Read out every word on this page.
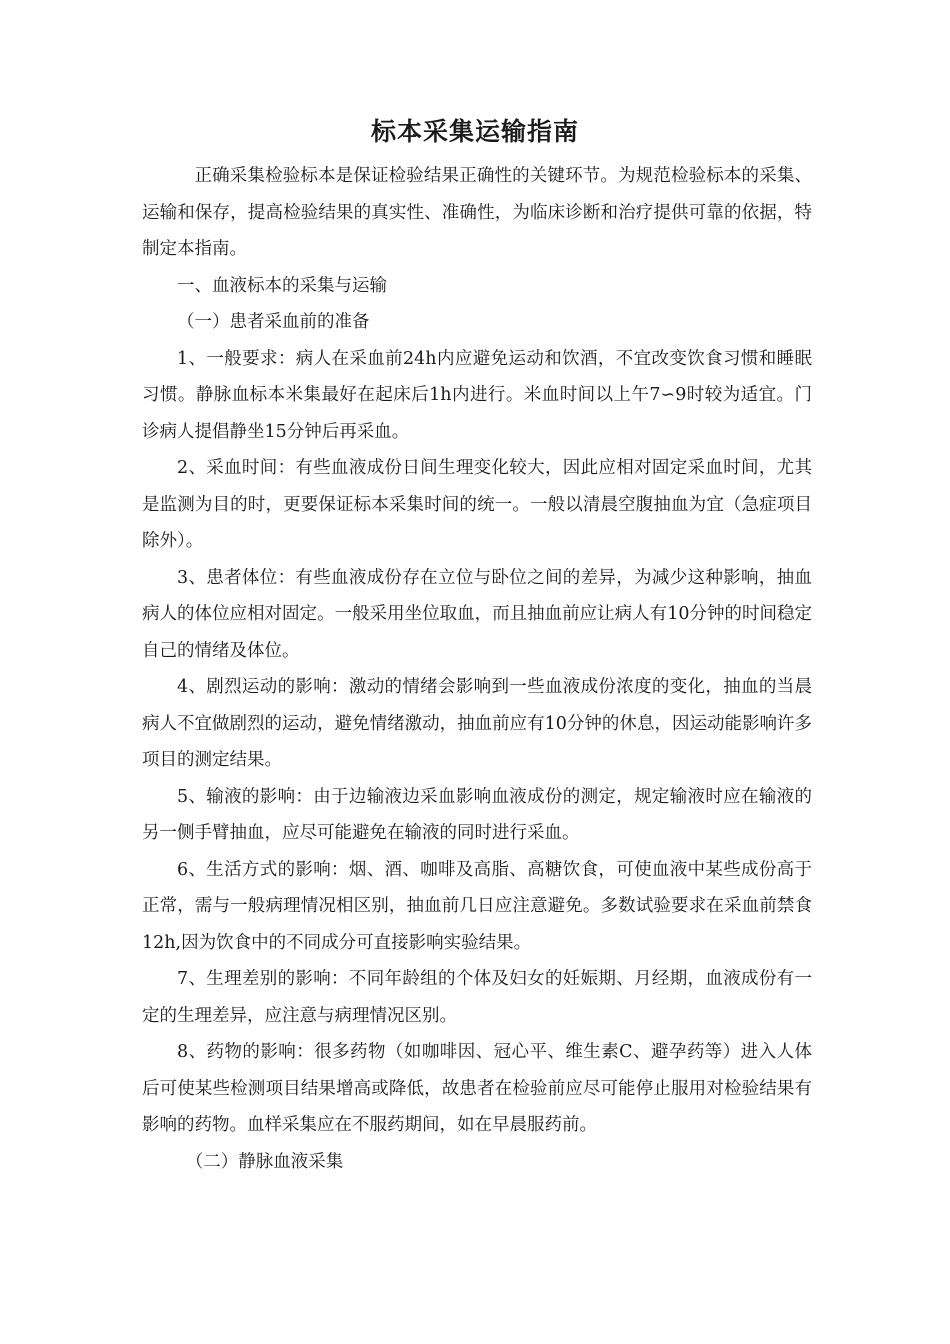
标本采集运输指南

正确采集检验标本是保证检验结果正确性的关键环节。为规范检验标本的采集、运输和保存，提高检验结果的真实性、准确性，为临床诊断和治疗提供可靠的依据，特制定本指南。

一、血液标本的采集与运输

（一）患者采血前的准备

1、一般要求：病人在采血前24h内应避免运动和饮酒，不宜改变饮食习惯和睡眠习惯。静脉血标本米集最好在起床后1h内进行。米血时间以上午7∽9时较为适宜。门诊病人提倡静坐15分钟后再采血。

2、采血时间：有些血液成份日间生理变化较大，因此应相对固定采血时间，尤其是监测为目的时，更要保证标本采集时间的统一。一般以清晨空腹抽血为宜（急症项目除外）。

3、患者体位：有些血液成份存在立位与卧位之间的差异，为减少这种影响，抽血病人的体位应相对固定。一般采用坐位取血，而且抽血前应让病人有10分钟的时间稳定自己的情绪及体位。

4、剧烈运动的影响：激动的情绪会影响到一些血液成份浓度的变化，抽血的当晨病人不宜做剧烈的运动，避免情绪激动，抽血前应有10分钟的休息，因运动能影响许多项目的测定结果。

5、输液的影响：由于边输液边采血影响血液成份的测定，规定输液时应在输液的另一侧手臂抽血，应尽可能避免在输液的同时进行采血。

6、生活方式的影响：烟、酒、咖啡及高脂、高糖饮食，可使血液中某些成份高于正常，需与一般病理情况相区别，抽血前几日应注意避免。多数试验要求在采血前禁食12h,因为饮食中的不同成分可直接影响实验结果。

7、生理差别的影响：不同年龄组的个体及妇女的妊娠期、月经期，血液成份有一定的生理差异，应注意与病理情况区别。

8、药物的影响：很多药物（如咖啡因、冠心平、维生素C、避孕药等）进入人体后可使某些检测项目结果增高或降低，故患者在检验前应尽可能停止服用对检验结果有影响的药物。血样采集应在不服药期间，如在早晨服药前。

（二）静脉血液采集
